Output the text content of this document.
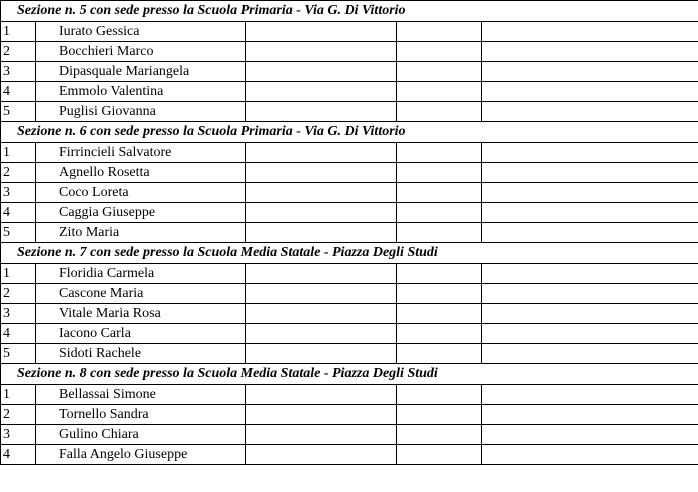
Sezione n. 5 con sede presso la Scuola Primaria - Via G. Di Vittorio				
1	Iurato Gessica			
2	Bocchieri Marco			
3	Dipasquale Mariangela			
4	Emmolo Valentina			
5	Puglisi Giovanna			
Sezione n. 6 con sede presso la Scuola Primaria - Via G. Di Vittorio				
1	Firrincieli Salvatore			
2	Agnello Rosetta			
3	Coco Loreta			
4	Caggia Giuseppe			
5	Zito Maria			
Sezione n. 7 con sede presso la Scuola Media Statale - Piazza Degli Studi				
1	Floridia Carmela			
2	Cascone Maria			
3	Vitale Maria Rosa			
4	Iacono Carla			
5	Sidoti Rachele			
Sezione n. 8 con sede presso la Scuola Media Statale - Piazza Degli Studi				
1	Bellassai Simone			
2	Tornello Sandra			
3	Gulino Chiara			
4	Falla Angelo Giuseppe			
